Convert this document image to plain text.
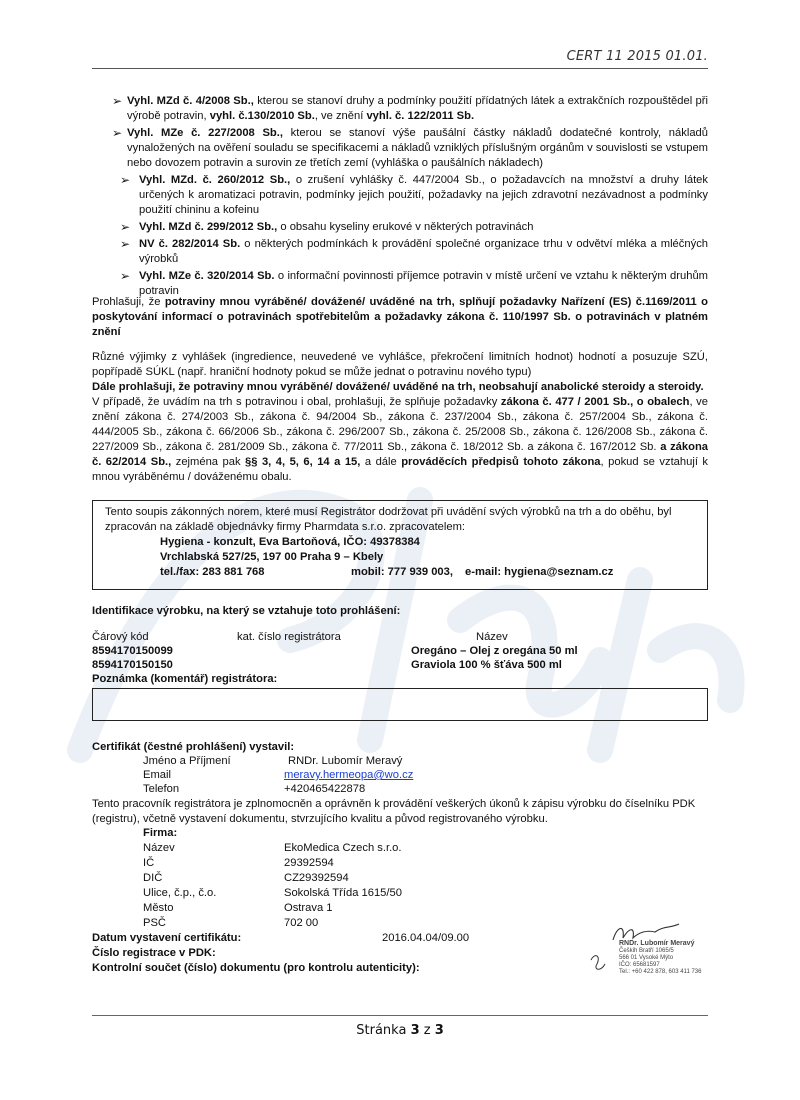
CERT 11 2015 01.01.
➢ Vyhl. MZd č. 4/2008 Sb., kterou se stanoví druhy a podmínky použití přídatných látek a extrakčních rozpouštědel při výrobě potravin, vyhl. č.130/2010 Sb., ve znění vyhl. č. 122/2011 Sb.
➢ Vyhl. MZe č. 227/2008 Sb., kterou se stanoví výše paušální částky nákladů dodatečné kontroly, nákladů vynaložených na ověření souladu se specifikacemi a nákladů vzniklých příslušným orgánům v souvislosti se vstupem nebo dovozem potravin a surovin ze třetích zemí (vyhláška o paušálních nákladech)
➢ Vyhl. MZd. č. 260/2012 Sb., o zrušení vyhlášky č. 447/2004 Sb., o požadavcích na množství a druhy látek určených k aromatizaci potravin, podmínky jejich použití, požadavky na jejich zdravotní nezávadnost a podmínky použití chininu a kofeinu
➢ Vyhl. MZd č. 299/2012 Sb., o obsahu kyseliny erukové v některých potravinách
➢ NV č. 282/2014 Sb. o některých podmínkách k provádění společné organizace trhu v odvětví mléka a mléčných výrobků
➢ Vyhl. MZe č. 320/2014 Sb. o informační povinnosti příjemce potravin v místě určení ve vztahu k některým druhům potravin
Prohlašuji, že potraviny mnou vyráběné/ dovážené/ uváděné na trh, splňují požadavky Nařízení (ES) č.1169/2011 o poskytování informací o potravinách spotřebitelům a požadavky zákona č. 110/1997 Sb. o potravinách v platném znění
Různé výjimky z vyhlášek (ingredience, neuvedené ve vyhlášce, překročení limitních hodnot) hodnotí a posuzuje SZÚ, popřípadě SÚKL (např. hraniční hodnoty pokud se může jednat o potravinu nového typu)
Dále prohlašuji, že potraviny mnou vyráběné/ dovážené/ uváděné na trh, neobsahují anabolické steroidy a steroidy.
V případě, že uvádím na trh s potravinou i obal, prohlašuji, že splňuje požadavky zákona č. 477 / 2001 Sb., o obalech, ve znění zákona č. 274/2003 Sb., zákona č. 94/2004 Sb., zákona č. 237/2004 Sb., zákona č. 257/2004 Sb., zákona č. 444/2005 Sb., zákona č. 66/2006 Sb., zákona č. 296/2007 Sb., zákona č. 25/2008 Sb., zákona č. 126/2008 Sb., zákona č. 227/2009 Sb., zákona č. 281/2009 Sb., zákona č. 77/2011 Sb., zákona č. 18/2012 Sb. a zákona č. 167/2012 Sb. a zákona č. 62/2014 Sb., zejména pak §§ 3, 4, 5, 6, 14 a 15, a dále prováděcích předpisů tohoto zákona, pokud se vztahují k mnou vyráběnému / dováženému obalu.
Tento soupis zákonných norem, které musí Registrátor dodržovat při uvádění svých výrobků na trh a do oběhu, byl zpracován na základě objednávky firmy Pharmdata s.r.o. zpracovatelem:
Hygiena - konzult, Eva Bartoňová, IČO: 49378384
Vrchlabská 527/25, 197 00 Praha 9 – Kbely
tel./fax: 283 881 768	mobil: 777 939 003, e-mail: hygiena@seznam.cz
Identifikace výrobku, na který se vztahuje toto prohlášení:
Čárový kód	kat. číslo registrátora	Název
8594170150099	Oregáno – Olej z oregána 50 ml
8594170150150	Graviola 100 % šťáva 500 ml
Poznámka (komentář) registrátora:
Certifikát (čestné prohlášení) vystavil:
Jméno a Příjmení	RNDr. Lubomír Meravý
Email	meravy.hermeopa@wo.cz
Telefon	+420465422878
Tento pracovník registrátora je zplnomocněn a oprávněn k provádění veškerých úkonů k zápisu výrobku do číselníku PDK (registru), včetně vystavení dokumentu, stvrzujícího kvalitu a původ registrovaného výrobku.
Firma:
Název	EkoMedica Czech s.r.o.
IČ	29392594
DIČ	CZ29392594
Ulice, č.p., č.o.	Sokolská Třída 1615/50
Město	Ostrava 1
PSČ	702 00
Datum vystavení certifikátu:	2016.04.04/09.00
Číslo registrace v PDK:
Kontrolní součet (číslo) dokumentu (pro kontrolu autenticity):
RNDr. Lubomír Meravý
Čeških Bratří 1065/5
566 01 Vysoké Mýto
IČO: 65681597
Tel.: +60 422 878, 603 411 736
Stránka 3 z 3
